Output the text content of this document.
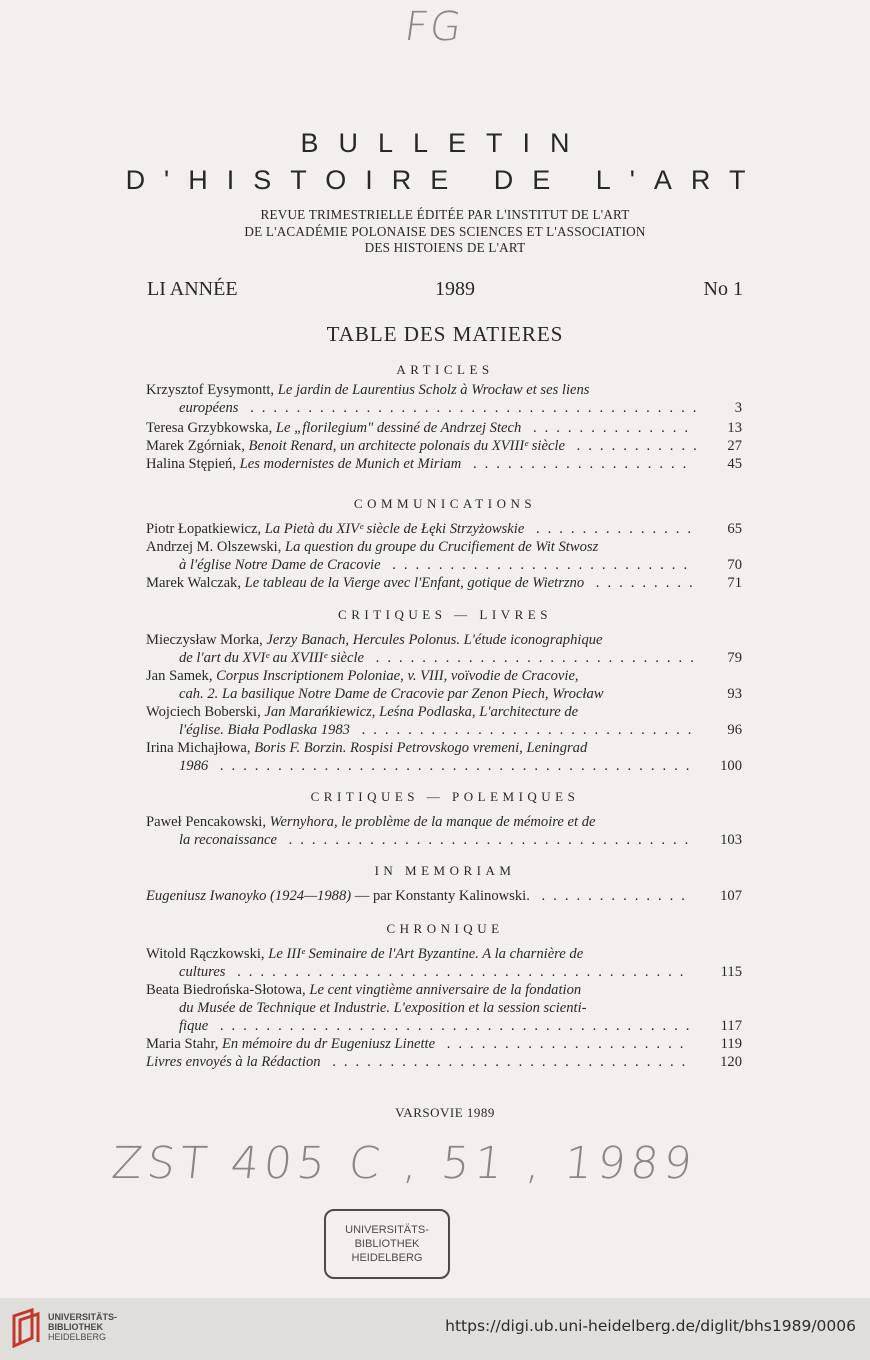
FG
BULLETIN
D'HISTOIRE DE L'ART
REVUE TRIMESTRIELLE ÉDITÉE PAR L'INSTITUT DE L'ART
DE L'ACADÉMIE POLONAISE DES SCIENCES ET L'ASSOCIATION
DES HISTOIENS DE L'ART
LI ANNÉE	1989	No 1
TABLE DES MATIERES
ARTICLES
Krzysztof Eysymontt, Le jardin de Laurentius Scholz à Wrocław et ses liens
européens ....................................... 3
Teresa Grzybkowska, Le „florilegium" dessiné de Andrzej Stech .............. 13
Marek Zgórniak, Benoit Renard, un architecte polonais du XVIIIᵉ siècle ........... 27
Halina Stępień, Les modernistes de Munich et Miriam ................... 45
COMMUNICATIONS
Piotr Łopatkiewicz, La Pietà du XIVᵉ siècle de Łęki Strzyżowskie .............. 65
Andrzej M. Olszewski, La question du groupe du Crucifiement de Wit Stwosz
à l'église Notre Dame de Cracovie .......................... 70
Marek Walczak, Le tableau de la Vierge avec l'Enfant, gotique de Wietrzno ......... 71
CRITIQUES — LIVRES
Mieczysław Morka, Jerzy Banach, Hercules Polonus. L'étude iconographique
de l'art du XVIᵉ au XVIIIᵉ siècle ............................ 79
Jan Samek, Corpus Inscriptionem Poloniae, v. VIII, voïvodie de Cracovie,
cah. 2. La basilique Notre Dame de Cracovie par Zenon Piech, Wrocław	93
Wojciech Boberski, Jan Marańkiewicz, Leśna Podlaska, L'architecture de
l'église. Biała Podlaska 1983 ............................. 96
Irina Michajłowa, Boris F. Borzin. Rospisi Petrovskogo vremeni, Leningrad
1986 ......................................... 100
CRITIQUES — POLEMIQUES
Paweł Pencakowski, Wernyhora, le problème de la manque de mémoire et de
la reconaissance ................................... 103
IN MEMORIAM
Eugeniusz Iwanoyko (1924—1988) — par Konstanty Kalinowski. ............. 107
CHRONIQUE
Witold Rączkowski, Le IIIᵉ Seminaire de l'Art Byzantine. A la charnière de
cultures ....................................... 115
Beata Biedrońska-Słotowa, Le cent vingtième anniversaire de la fondation
du Musée de Technique et Industrie. L'exposition et la session scienti-
fique ......................................... 117
Maria Stahr, En mémoire du dr Eugeniusz Linette ..................... 119
Livres envoyés à la Rédaction ............................... 120
VARSOVIE 1989
ZST 405 C , 51 , 1989
UNIVERSITÄTS-
BIBLIOTHEK
HEIDELBERG
UNIVERSITÄTS-
BIBLIOTHEK
HEIDELBERG
https://digi.ub.uni-heidelberg.de/diglit/bhs1989/0006
